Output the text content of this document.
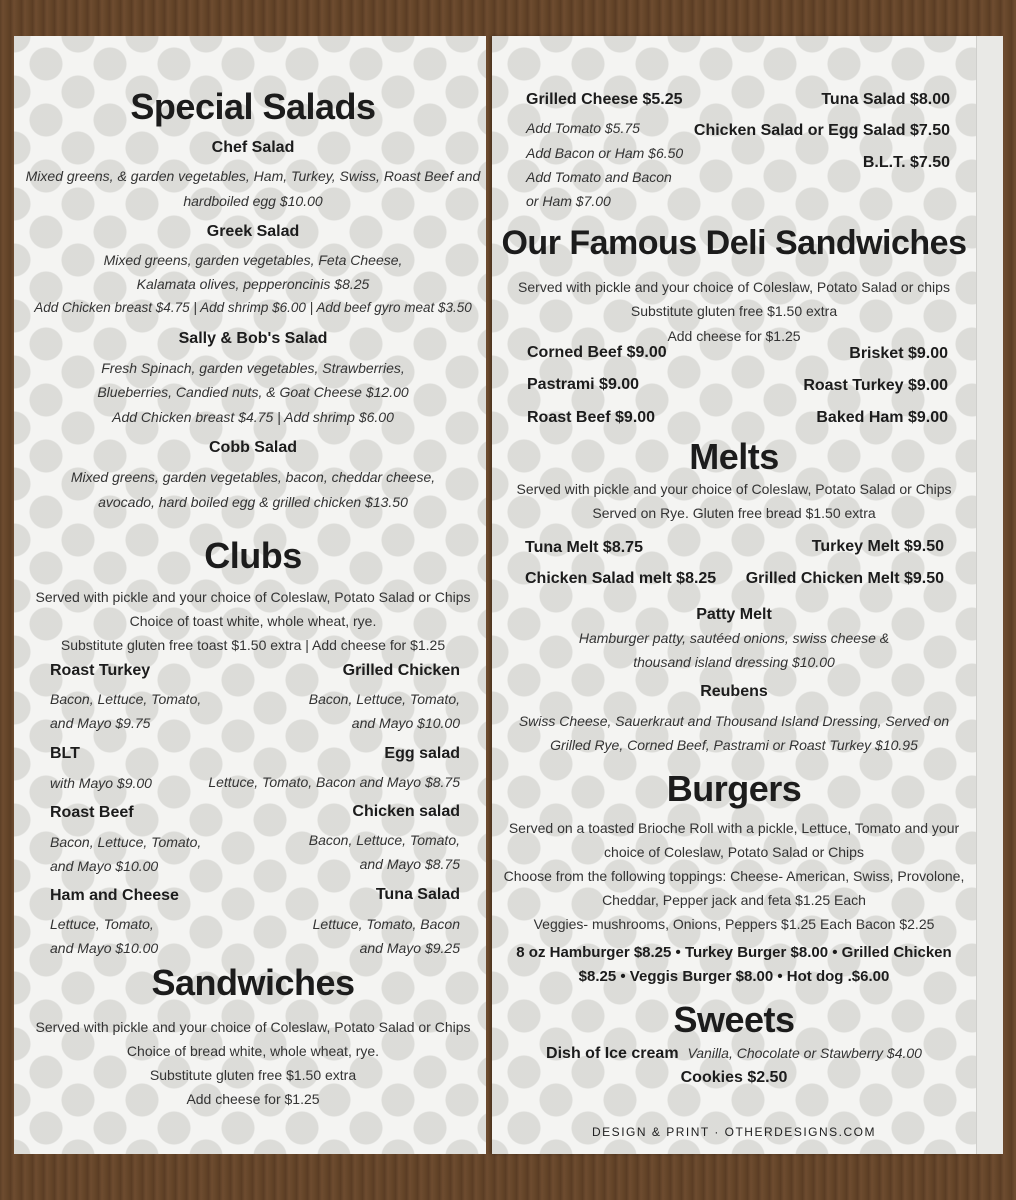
Special Salads
Chef Salad
Mixed greens, & garden vegetables, Ham, Turkey, Swiss, Roast Beef and
hardboiled egg $10.00
Greek Salad
Mixed greens, garden vegetables, Feta Cheese,
Kalamata olives, pepperoncinis $8.25
Add Chicken breast $4.75 | Add shrimp $6.00 | Add beef gyro meat $3.50
Sally & Bob's Salad
Fresh Spinach, garden vegetables, Strawberries,
Blueberries, Candied nuts, & Goat Cheese $12.00
Add Chicken breast $4.75 | Add shrimp $6.00
Cobb Salad
Mixed greens, garden vegetables, bacon, cheddar cheese,
avocado, hard boiled egg & grilled chicken $13.50
Clubs
Served with pickle and your choice of Coleslaw, Potato Salad or Chips
Choice of toast white, whole wheat, rye.
Substitute gluten free toast $1.50 extra | Add cheese for $1.25
Roast Turkey
Bacon, Lettuce, Tomato,
and Mayo $9.75
Grilled Chicken
Bacon, Lettuce, Tomato,
and Mayo $10.00
BLT
with Mayo $9.00
Egg salad
Lettuce, Tomato, Bacon and Mayo $8.75
Roast Beef
Bacon, Lettuce, Tomato,
and Mayo $10.00
Chicken salad
Bacon, Lettuce, Tomato,
and Mayo $8.75
Ham and Cheese
Lettuce, Tomato,
and Mayo $10.00
Tuna Salad
Lettuce, Tomato, Bacon
and Mayo $9.25
Sandwiches
Served with pickle and your choice of Coleslaw, Potato Salad or Chips
Choice of bread white, whole wheat, rye.
Substitute gluten free $1.50 extra
Add cheese for $1.25
Grilled Cheese $5.25
Add Tomato $5.75
Add Bacon or Ham $6.50
Add Tomato and Bacon
or Ham $7.00
Tuna Salad $8.00
Chicken Salad or Egg Salad $7.50
B.L.T. $7.50
Our Famous Deli Sandwiches
Served with pickle and your choice of Coleslaw, Potato Salad or chips
Substitute gluten free $1.50 extra
Add cheese for $1.25
Corned Beef $9.00
Pastrami $9.00
Roast Beef $9.00
Brisket $9.00
Roast Turkey $9.00
Baked Ham $9.00
Melts
Served with pickle and your choice of Coleslaw, Potato Salad or Chips
Served on Rye. Gluten free bread $1.50 extra
Tuna Melt $8.75
Chicken Salad melt $8.25
Turkey Melt $9.50
Grilled Chicken Melt $9.50
Patty Melt
Hamburger patty, sautéed onions, swiss cheese &
thousand island dressing $10.00
Reubens
Swiss Cheese, Sauerkraut and Thousand Island Dressing, Served on
Grilled Rye, Corned Beef, Pastrami or Roast Turkey $10.95
Burgers
Served on a toasted Brioche Roll with a pickle, Lettuce, Tomato and your
choice of Coleslaw, Potato Salad or Chips
Choose from the following toppings: Cheese- American, Swiss, Provolone,
Cheddar, Pepper jack and feta $1.25 Each
Veggies- mushrooms, Onions, Peppers $1.25 Each Bacon $2.25
8 oz Hamburger $8.25 • Turkey Burger $8.00 • Grilled Chicken
$8.25 • Veggis Burger $8.00 • Hot dog .$6.00
Sweets
Dish of Ice cream Vanilla, Chocolate or Stawberry $4.00
Cookies $2.50
DESIGN & PRINT · OTHERDESIGNS.COM
